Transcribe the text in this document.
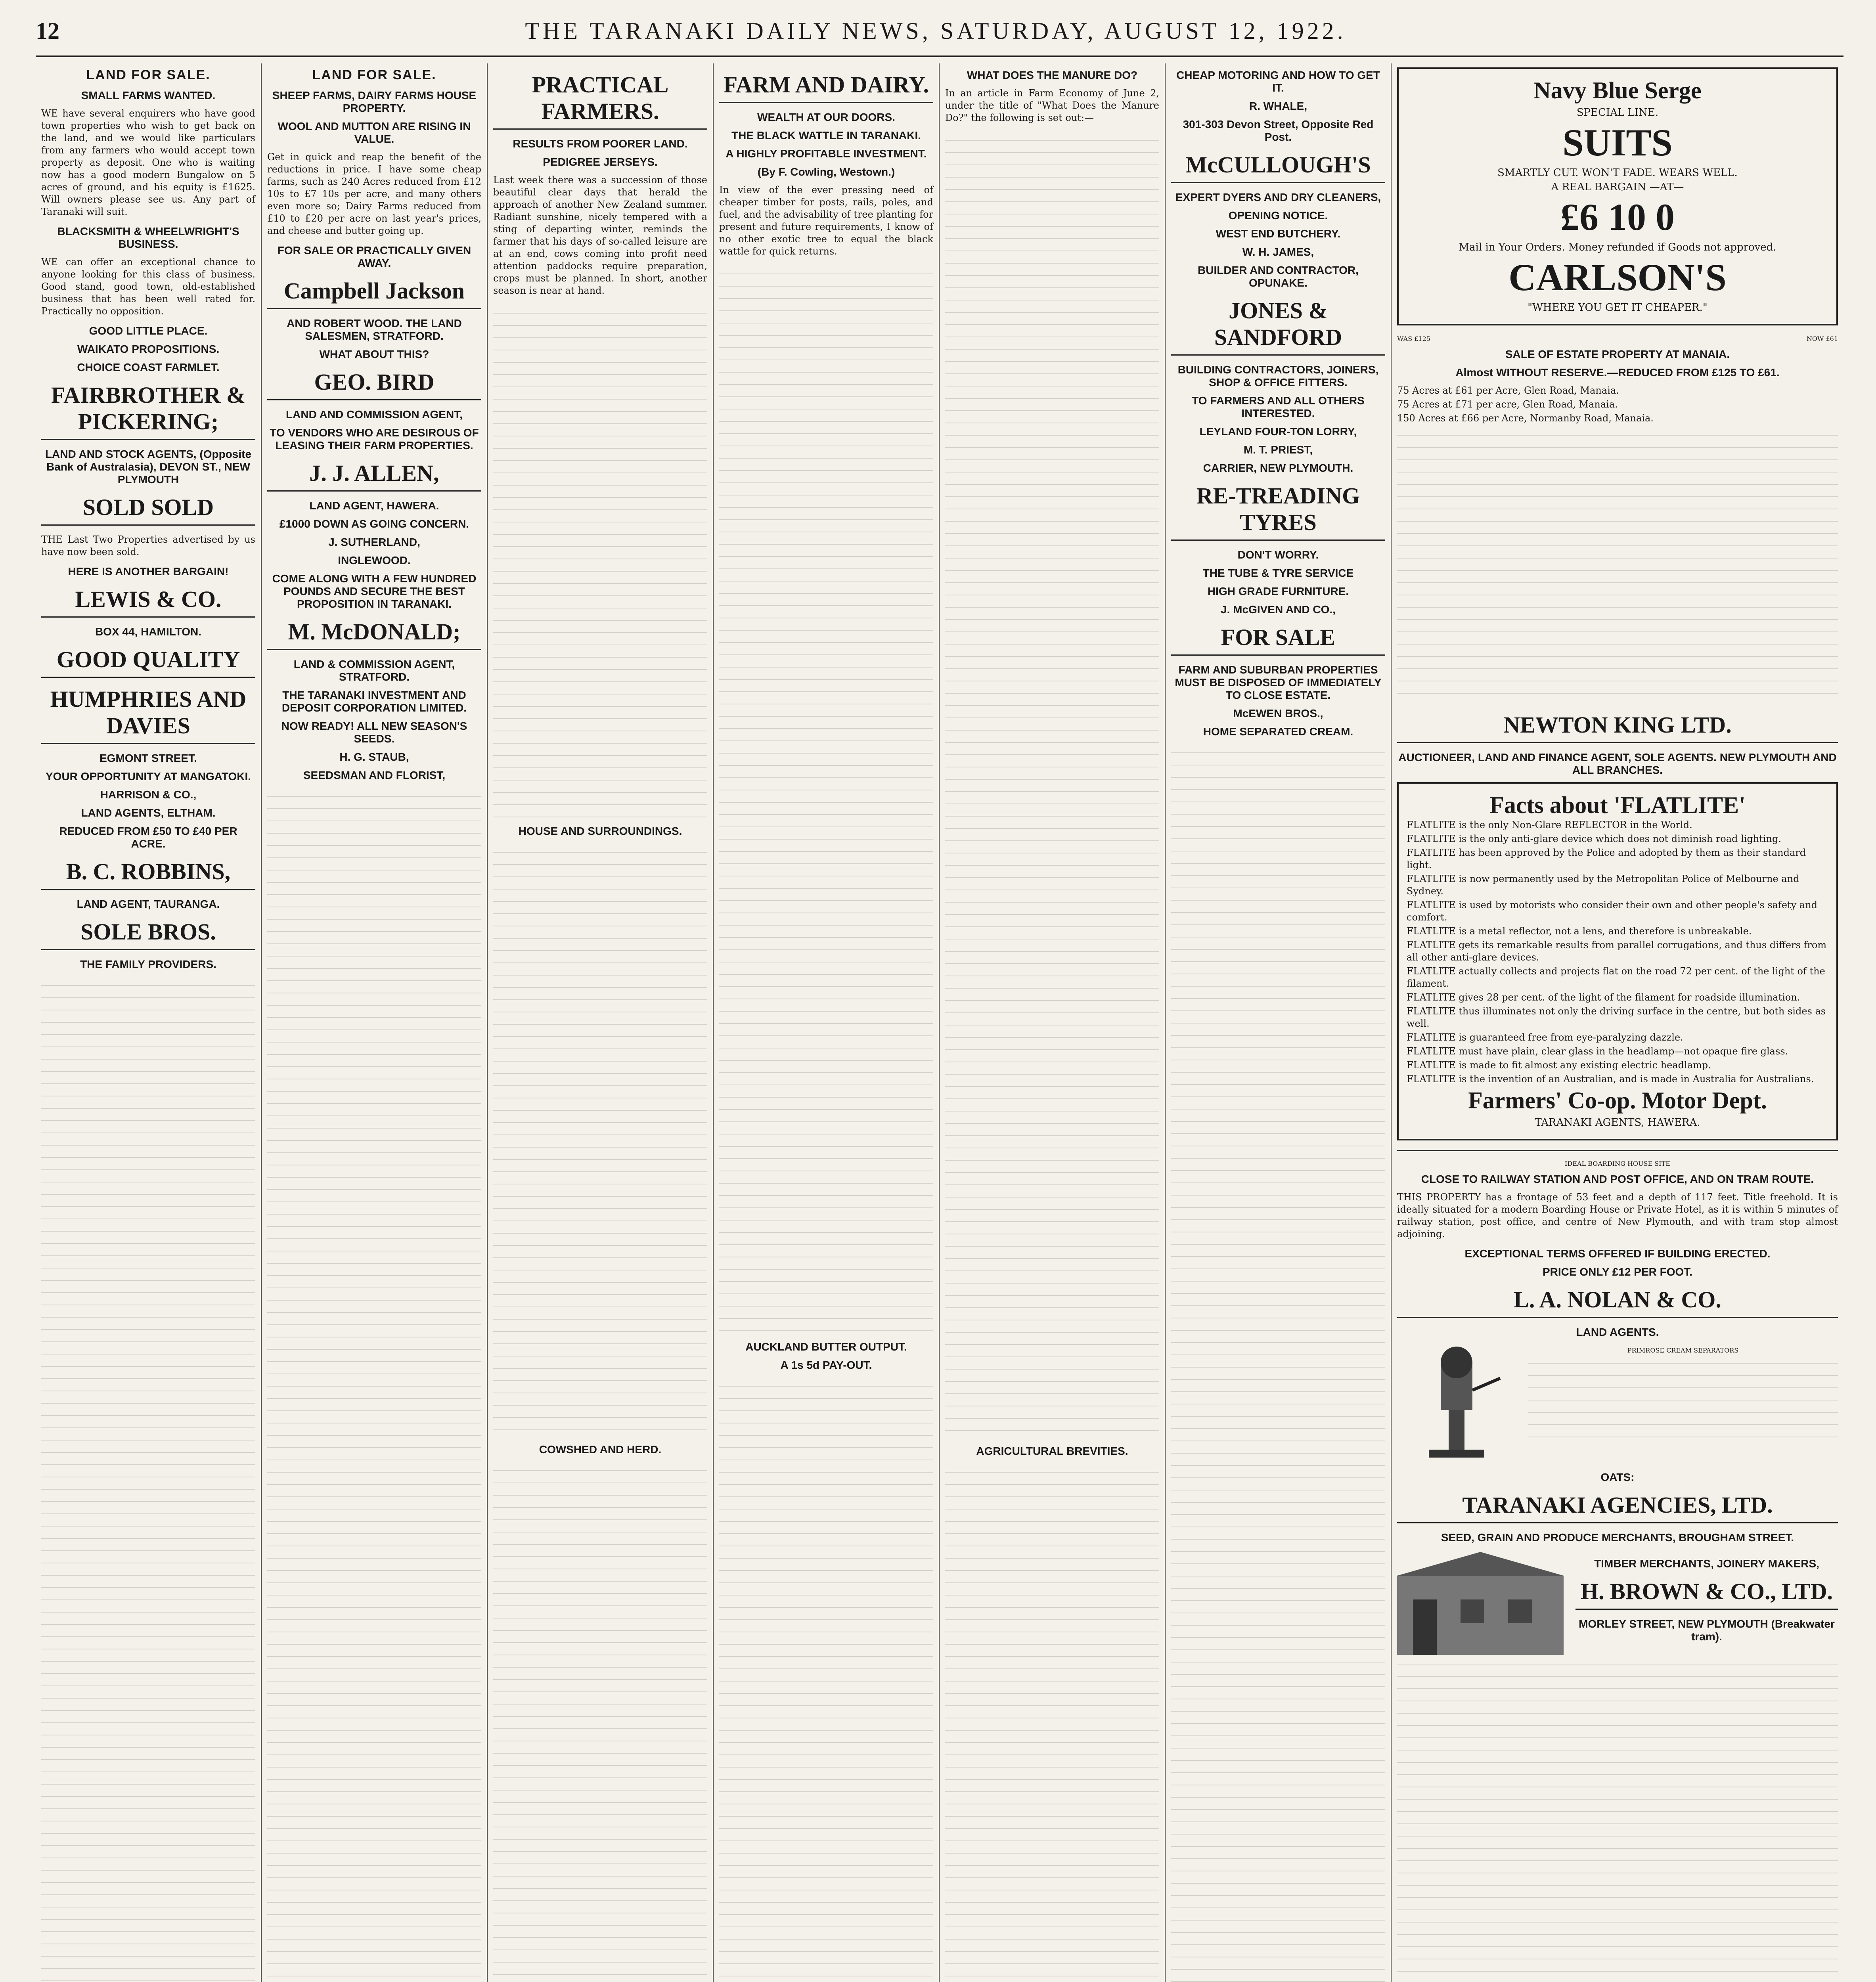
12	THE TARANAKI DAILY NEWS, SATURDAY, AUGUST 12, 1922.
LAND FOR SALE.
SMALL FARMS WANTED.

WE have several enquirers who have good town properties who wish to get back on the land, and we would like particulars from any farmers who would accept town property as deposit. One who is waiting now has a good modern Bungalow on 5 acres of ground, and his equity is £1625. Will owners please see us. Any part of Taranaki will suit.

BLACKSMITH & WHEELWRIGHT'S BUSINESS.

WE can offer an exceptional chance to anyone looking for this class of business. Good stand, good town, old-established business that has been well rated for. Practically no opposition.

GOOD LITTLE PLACE.
WAIKATO PROPOSITIONS.
CHOICE COAST FARMLET.
FAIRBROTHER & PICKERING;
LAND AND STOCK AGENTS, (Opposite Bank of Australasia), DEVON ST., NEW PLYMOUTH
SOLD SOLD

THE Last Two Properties advertised by us have now been sold.

HERE IS ANOTHER BARGAIN!
LEWIS & CO.
BOX 44, HAMILTON.
GOOD QUALITY
HUMPHRIES AND DAVIES
EGMONT STREET.
YOUR OPPORTUNITY AT MANGATOKI.
HARRISON & CO.,
LAND AGENTS, ELTHAM.
REDUCED FROM £50 TO £40 PER ACRE.
B. C. ROBBINS,
LAND AGENT, TAURANGA.
SOLE BROS.
THE FAMILY PROVIDERS.
LAND FOR SALE.
SHEEP FARMS, DAIRY FARMS HOUSE PROPERTY.
WOOL AND MUTTON ARE RISING IN VALUE.

Get in quick and reap the benefit of the reductions in price. I have some cheap farms, such as 240 Acres reduced from £12 10s to £7 10s per acre, and many others even more so; Dairy Farms reduced from £10 to £20 per acre on last year's prices, and cheese and butter going up.

FOR SALE OR PRACTICALLY GIVEN AWAY.
Campbell Jackson
AND ROBERT WOOD. THE LAND SALESMEN, STRATFORD.
WHAT ABOUT THIS?
GEO. BIRD
LAND AND COMMISSION AGENT,
TO VENDORS WHO ARE DESIROUS OF LEASING THEIR FARM PROPERTIES.
J. J. ALLEN,
LAND AGENT, HAWERA.
£1000 DOWN AS GOING CONCERN.
J. SUTHERLAND,
INGLEWOOD.
COME ALONG WITH A FEW HUNDRED POUNDS AND SECURE THE BEST PROPOSITION IN TARANAKI.
M. McDONALD;
LAND & COMMISSION AGENT, STRATFORD.
THE TARANAKI INVESTMENT AND DEPOSIT CORPORATION LIMITED.
NOW READY! ALL NEW SEASON'S SEEDS.
H. G. STAUB,
SEEDSMAN AND FLORIST,
PRACTICAL FARMERS.
RESULTS FROM POORER LAND.
PEDIGREE JERSEYS.

Last week there was a succession of those beautiful clear days that herald the approach of another New Zealand summer. Radiant sunshine, nicely tempered with a sting of departing winter, reminds the farmer that his days of so-called leisure are at an end, cows coming into profit need attention paddocks require preparation, crops must be planned. In short, another season is near at hand.

HOUSE AND SURROUNDINGS.
COWSHED AND HERD.
FARM AND DAIRY.
WEALTH AT OUR DOORS.
THE BLACK WATTLE IN TARANAKI.
A HIGHLY PROFITABLE INVESTMENT.
(By F. Cowling, Westown.)

In view of the ever pressing need of cheaper timber for posts, rails, poles, and fuel, and the advisability of tree planting for present and future requirements, I know of no other exotic tree to equal the black wattle for quick returns.

AUCKLAND BUTTER OUTPUT.
A 1s 5d PAY-OUT.
WHAT DOES THE MANURE DO?

In an article in Farm Economy of June 2, under the title of "What Does the Manure Do?" the following is set out:—

AGRICULTURAL BREVITIES.
CHEAP MOTORING AND HOW TO GET IT.
R. WHALE,
301-303 Devon Street, Opposite Red Post.
McCULLOUGH'S
EXPERT DYERS AND DRY CLEANERS,
OPENING NOTICE.
WEST END BUTCHERY.
W. H. JAMES,
BUILDER AND CONTRACTOR, OPUNAKE.
JONES & SANDFORD
BUILDING CONTRACTORS, JOINERS, SHOP & OFFICE FITTERS.
TO FARMERS AND ALL OTHERS INTERESTED.
LEYLAND FOUR-TON LORRY,
M. T. PRIEST,
CARRIER, NEW PLYMOUTH.
RE-TREADING TYRES
DON'T WORRY.
THE TUBE & TYRE SERVICE
HIGH GRADE FURNITURE.
J. McGIVEN AND CO.,
FOR SALE
FARM AND SUBURBAN PROPERTIES MUST BE DISPOSED OF IMMEDIATELY TO CLOSE ESTATE.
McEWEN BROS.,
HOME SEPARATED CREAM.
Navy Blue Serge
SPECIAL LINE.
SUITS
SMARTLY CUT. WON'T FADE. WEARS WELL.
A REAL BARGAIN —AT—
£6 10 0
Mail in Your Orders. Money refunded if Goods not approved.
CARLSON'S
"WHERE YOU GET IT CHEAPER."
WAS £125	NOW £61
SALE OF ESTATE PROPERTY AT MANAIA.
Almost WITHOUT RESERVE.—REDUCED FROM £125 TO £61.
75 Acres at £61 per Acre, Glen Road, Manaia.
75 Acres at £71 per acre, Glen Road, Manaia.
150 Acres at £66 per Acre, Normanby Road, Manaia.
NEWTON KING LTD.
AUCTIONEER, LAND AND FINANCE AGENT, SOLE AGENTS. NEW PLYMOUTH AND ALL BRANCHES.
Facts about 'FLATLITE'
FLATLITE is the only Non-Glare REFLECTOR in the World.
FLATLITE is the only anti-glare device which does not diminish road lighting.
FLATLITE has been approved by the Police and adopted by them as their standard light.
FLATLITE is now permanently used by the Metropolitan Police of Melbourne and Sydney.
FLATLITE is used by motorists who consider their own and other people's safety and comfort.
FLATLITE is a metal reflector, not a lens, and therefore is unbreakable.
FLATLITE gets its remarkable results from parallel corrugations, and thus differs from all other anti-glare devices.
FLATLITE actually collects and projects flat on the road 72 per cent. of the light of the filament.
FLATLITE gives 28 per cent. of the light of the filament for roadside illumination.
FLATLITE thus illuminates not only the driving surface in the centre, but both sides as well.
FLATLITE is guaranteed free from eye-paralyzing dazzle.
FLATLITE must have plain, clear glass in the headlamp—not opaque fire glass.
FLATLITE is made to fit almost any existing electric headlamp.
FLATLITE is the invention of an Australian, and is made in Australia for Australians.
Farmers' Co-op. Motor Dept.
TARANAKI AGENTS, HAWERA.
IDEAL BOARDING HOUSE SITE
CLOSE TO RAILWAY STATION AND POST OFFICE, AND ON TRAM ROUTE.

THIS PROPERTY has a frontage of 53 feet and a depth of 117 feet. Title freehold. It is ideally situated for a modern Boarding House or Private Hotel, as it is within 5 minutes of railway station, post office, and centre of New Plymouth, and with tram stop almost adjoining.

EXCEPTIONAL TERMS OFFERED IF BUILDING ERECTED.
PRICE ONLY £12 PER FOOT.
L. A. NOLAN & CO.
LAND AGENTS.
PRIMROSE CREAM SEPARATORS
OATS:
TARANAKI AGENCIES, LTD.
SEED, GRAIN AND PRODUCE MERCHANTS, BROUGHAM STREET.
TIMBER MERCHANTS, JOINERY MAKERS,
H. BROWN & CO., LTD.
MORLEY STREET, NEW PLYMOUTH (Breakwater tram).
